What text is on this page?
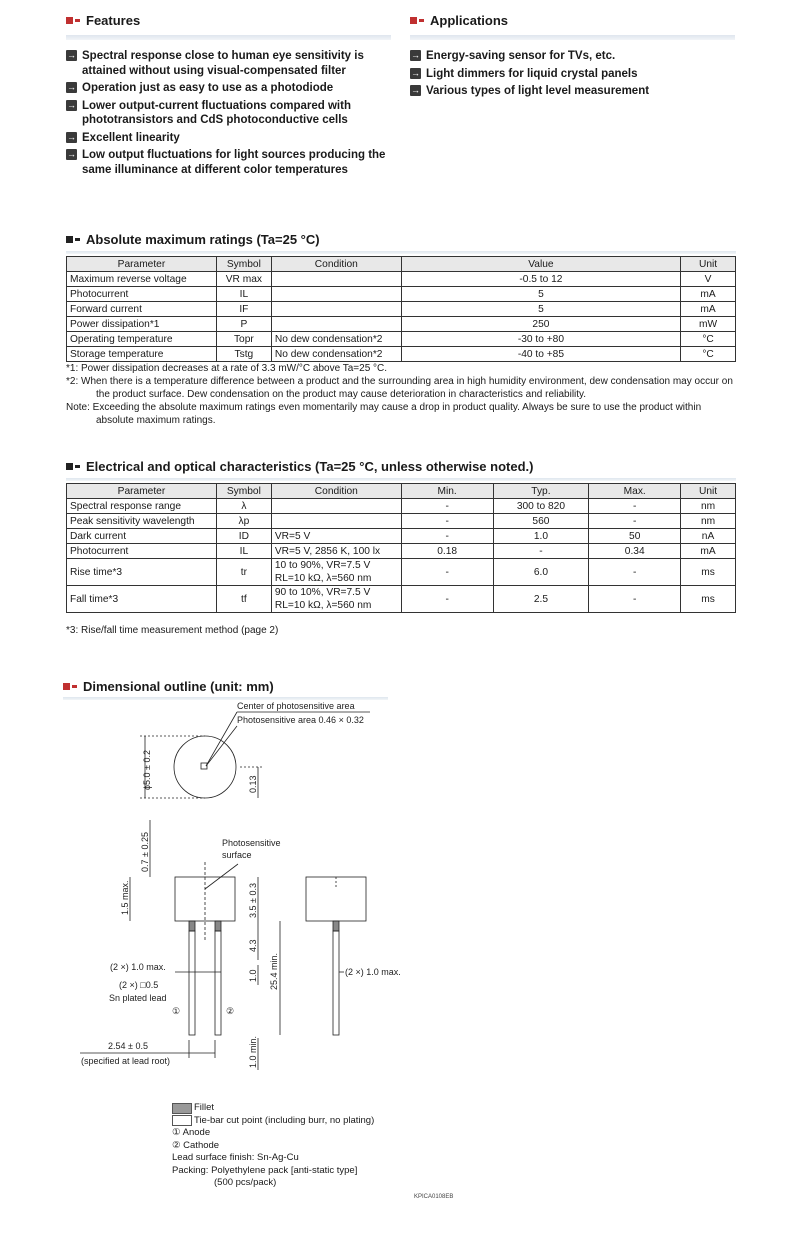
Features
→ Spectral response close to human eye sensitivity is attained without using visual-compensated filter
→ Operation just as easy to use as a photodiode
→ Lower output-current fluctuations compared with phototransistors and CdS photoconductive cells
→ Excellent linearity
→ Low output fluctuations for light sources producing the same illuminance at different color temperatures
Applications
→ Energy-saving sensor for TVs, etc.
→ Light dimmers for liquid crystal panels
→ Various types of light level measurement
Absolute maximum ratings (Ta=25 °C)
Parameter	Symbol	Condition	Value	Unit
Maximum reverse voltage	VR max		-0.5 to 12	V
Photocurrent	IL		5	mA
Forward current	IF		5	mA
Power dissipation*1	P		250	mW
Operating temperature	Topr	No dew condensation*2	-30 to +80	°C
Storage temperature	Tstg	No dew condensation*2	-40 to +85	°C

*1: Power dissipation decreases at a rate of 3.3 mW/°C above Ta=25 °C.

*2: When there is a temperature difference between a product and the surrounding area in high humidity environment, dew condensation may occur on the product surface. Dew condensation on the product may cause deterioration in characteristics and reliability.

Note: Exceeding the absolute maximum ratings even momentarily may cause a drop in product quality. Always be sure to use the product within absolute maximum ratings.

Electrical and optical characteristics (Ta=25 °C, unless otherwise noted.)
Parameter	Symbol	Condition	Min.	Typ.	Max.	Unit
Spectral response range	λ		-	300 to 820	-	nm
Peak sensitivity wavelength	λp		-	560	-	nm
Dark current	ID	VR=5 V	-	1.0	50	nA
Photocurrent	IL	VR=5 V, 2856 K, 100 lx	0.18	-	0.34	mA
Rise time*3	tr	10 to 90%, VR=7.5 V
RL=10 kΩ, λ=560 nm	-	6.0	-	ms
Fall time*3	tf	90 to 10%, VR=7.5 V
RL=10 kΩ, λ=560 nm	-	2.5	-	ms
*3: Rise/fall time measurement method (page 2)
Dimensional outline (unit: mm)
Center of photosensitive area
Photosensitive area 0.46 × 0.32
ϕ5.0 ± 0.2	0.13
0.7 ± 0.25	Photosensitive
surface
1.5 max.	3.5 ± 0.3
4.3
25.4 min.
1.0
(2 ×) 1.0 max.
(2 ×) □0.5
Sn plated lead
①	②
2.54 ± 0.5
(specified at lead root)	1.0 min.
(2 ×) 1.0 max.
Fillet
Tie-bar cut point (including burr, no plating)
① Anode
② Cathode
Lead surface finish: Sn-Ag-Cu
Packing: Polyethylene pack [anti-static type]
(500 pcs/pack)
KPICA0108EB
